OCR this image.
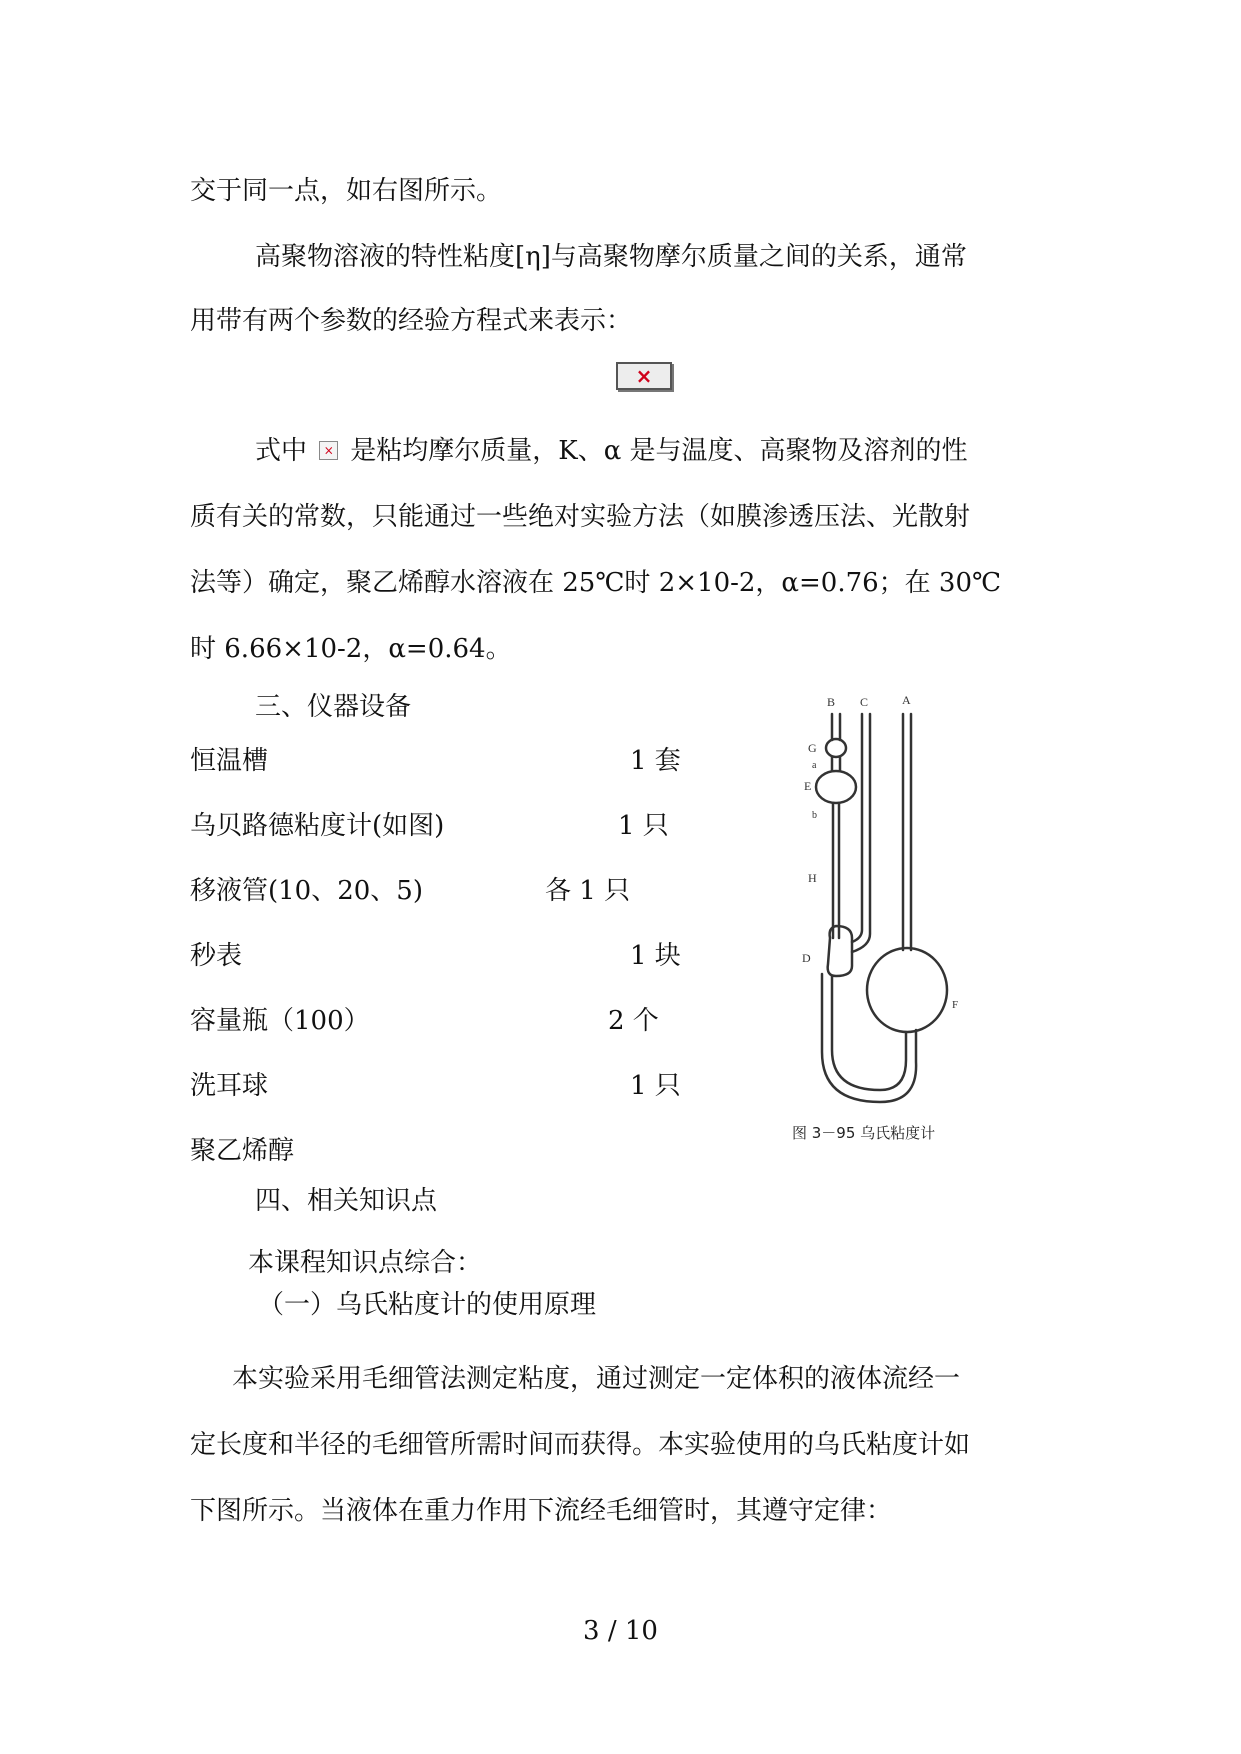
交于同一点，如右图所示。
高聚物溶液的特性粘度[η]与高聚物摩尔质量之间的关系，通常
用带有两个参数的经验方程式来表示：
×
式中 × 是粘均摩尔质量，K、α 是与温度、高聚物及溶剂的性
质有关的常数，只能通过一些绝对实验方法（如膜渗透压法、光散射
法等）确定，聚乙烯醇水溶液在 25℃时 2×10-2，α=0.76；在 30℃
时 6.66×10-2，α=0.64。
三、仪器设备
恒温槽	1 套
乌贝路德粘度计(如图)	1 只
移液管(10、20、5)	各 1 只
秒表	1 块
容量瓶（100）	2 个
洗耳球	1 只
聚乙烯醇
B C	A
G
a
E
b
H
D
F
图 3－95 乌氏粘度计
四、相关知识点
本课程知识点综合：
（一）乌氏粘度计的使用原理
本实验采用毛细管法测定粘度，通过测定一定体积的液体流经一
定长度和半径的毛细管所需时间而获得。本实验使用的乌氏粘度计如
下图所示。当液体在重力作用下流经毛细管时，其遵守定律：
3 / 10
